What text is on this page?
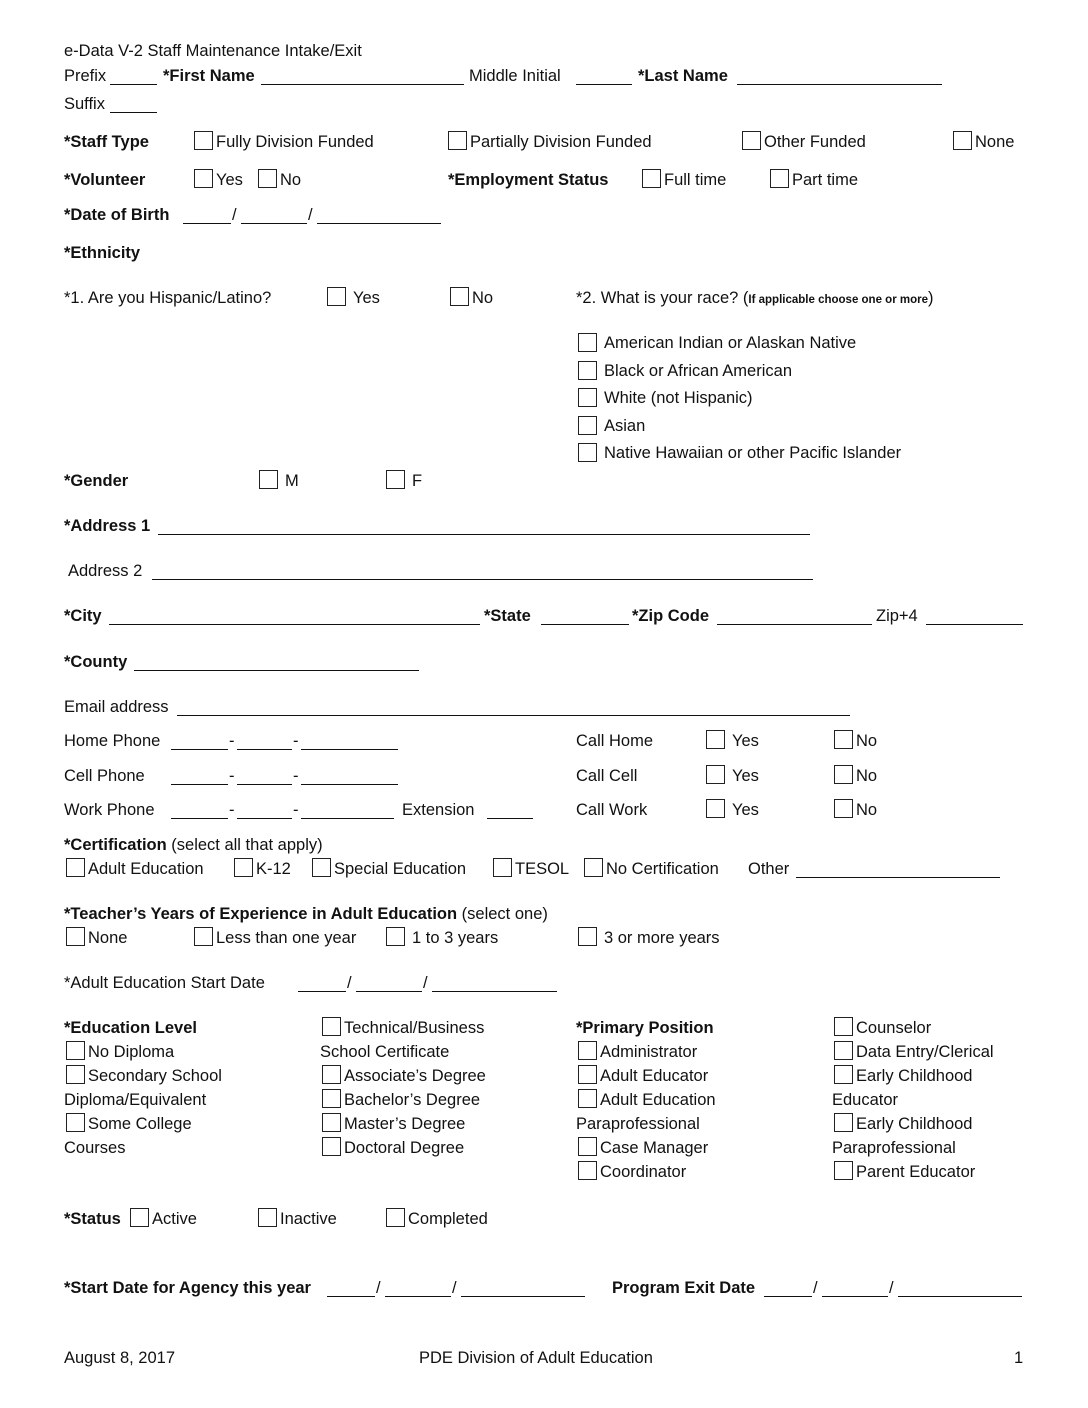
e-Data V-2 Staff Maintenance Intake/Exit
Prefix	*First Name	Middle Initial	*Last Name
Suffix
*Staff Type	Fully Division Funded	Partially Division Funded	Other Funded	None
*Volunteer	Yes No	*Employment Status	Full time	Part time
*Date of Birth	/	/
*Ethnicity
*1. Are you Hispanic/Latino?	Yes	No	*2. What is your race? (If applicable choose one or more)
American Indian or Alaskan Native
Black or African American
White (not Hispanic)
Asian
Native Hawaiian or other Pacific Islander
*Gender	M	F
*Address 1
Address 2
*City	*State	*Zip Code	Zip+4
*County
Email address
Home Phone	-	-	Call Home	Yes	No
Cell Phone	-	-	Call Cell	Yes	No
Work Phone	-	-	Extension	Call Work	Yes	No
*Certification (select all that apply)
Adult Education	K-12	Special Education	TESOL No Certification Other
*Teacher’s Years of Experience in Adult Education (select one)
None	Less than one year	1 to 3 years	3 or more years
*Adult Education Start Date	/	/
*Education Level
No Diploma
Secondary School
Diploma/Equivalent
Some College
Courses
Technical/Business
School Certificate
Associate’s Degree
Bachelor’s Degree
Master’s Degree
Doctoral Degree
*Primary Position
Administrator
Adult Educator
Adult Education
Paraprofessional
Case Manager
Coordinator
Counselor
Data Entry/Clerical
Early Childhood
Educator
Early Childhood
Paraprofessional
Parent Educator
*Status Active	Inactive	Completed
*Start Date for Agency this year	/	/	Program Exit Date	/	/
August 8, 2017	PDE Division of Adult Education	1
